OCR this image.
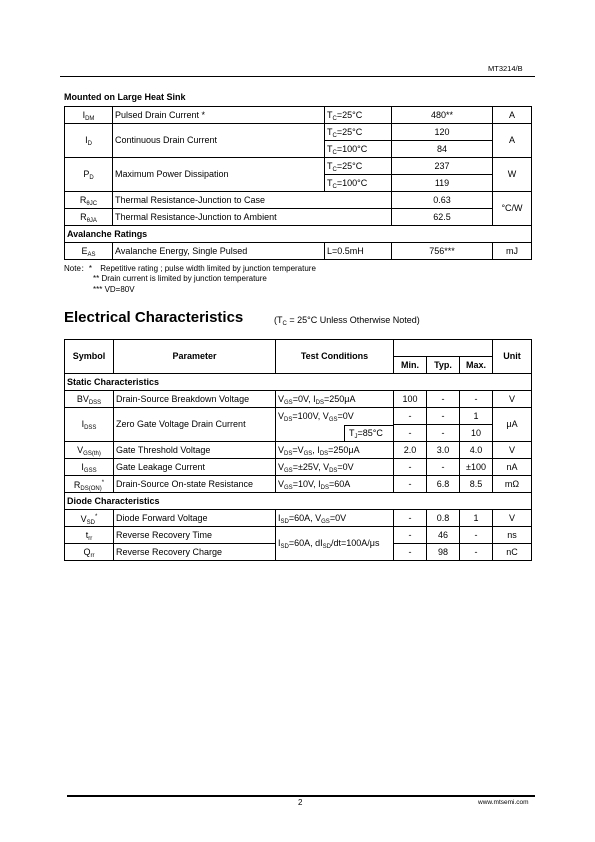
MT3214/B
Mounted on Large Heat Sink
$I_{DM}$	Pulsed Drain Current *	$T_C=25^\circ C$	480**	A
$I_D$	Continuous Drain Current	$T_C=25^\circ C$	120	A
		$T_C=100^\circ C$	84	
$P_D$	Maximum Power Dissipation	$T_C=25^\circ C$	237	W
		$T_C=100^\circ C$	119	
$R_{\theta JC}$	Thermal Resistance-Junction to Case		0.63	°C/W
$R_{\theta JA}$	Thermal Resistance-Junction to Ambient		62.5	
Avalanche Ratings				
$E_{AS}$	Avalanche Energy, Single Pulsed	L=0.5mH	756***	mJ
Note：* Repetitive rating ; pulse width limited by junction temperature
** Drain current is limited by junction temperature
*** VD=80V
Electrical Characteristics	($T_C = 25^\circ C$ Unless Otherwise Noted)
Symbol	Parameter	Test Conditions				Unit
			Min.	Typ.	Max.	
Static Characteristics						
$BV_{DSS}$	Drain-Source Breakdown Voltage	$V_{GS}=0V$, $I_{DS}=250\mu A$	100	-	-	V
$I_{DSS}$	Zero Gate Voltage Drain Current	$V_{DS}=100V$, $V_{GS}=0V$	-	-	1	μA

		$T_J=85^\circ C$	-	-	10	
$V_{GS(th)}$	Gate Threshold Voltage	$V_{DS}=V_{GS}$, $I_{DS}=250\mu A$	2.0	3.0	4.0	V
$I_{GSS}$	Gate Leakage Current	$V_{GS}=\pm 25V$, $V_{DS}=0V$	-	-	±100	nA
$R_{DS(ON)}^*$	Drain-Source On-state Resistance	$V_{GS}=10V$, $I_{DS}=60A$	-	6.8	8.5	mΩ
Diode Characteristics						
$V_{SD}^*$	Diode Forward Voltage	$I_{SD}=60A$, $V_{GS}=0V$	-	0.8	1	V
$t_{rr}$	Reverse Recovery Time	$I_{SD}=60A$, $dI_{SD}/dt=100A/\mu s$	-	46	-	ns
$Q_{rr}$	Reverse Recovery Charge		-	98	-	nC
2	www.mtsemi.com
